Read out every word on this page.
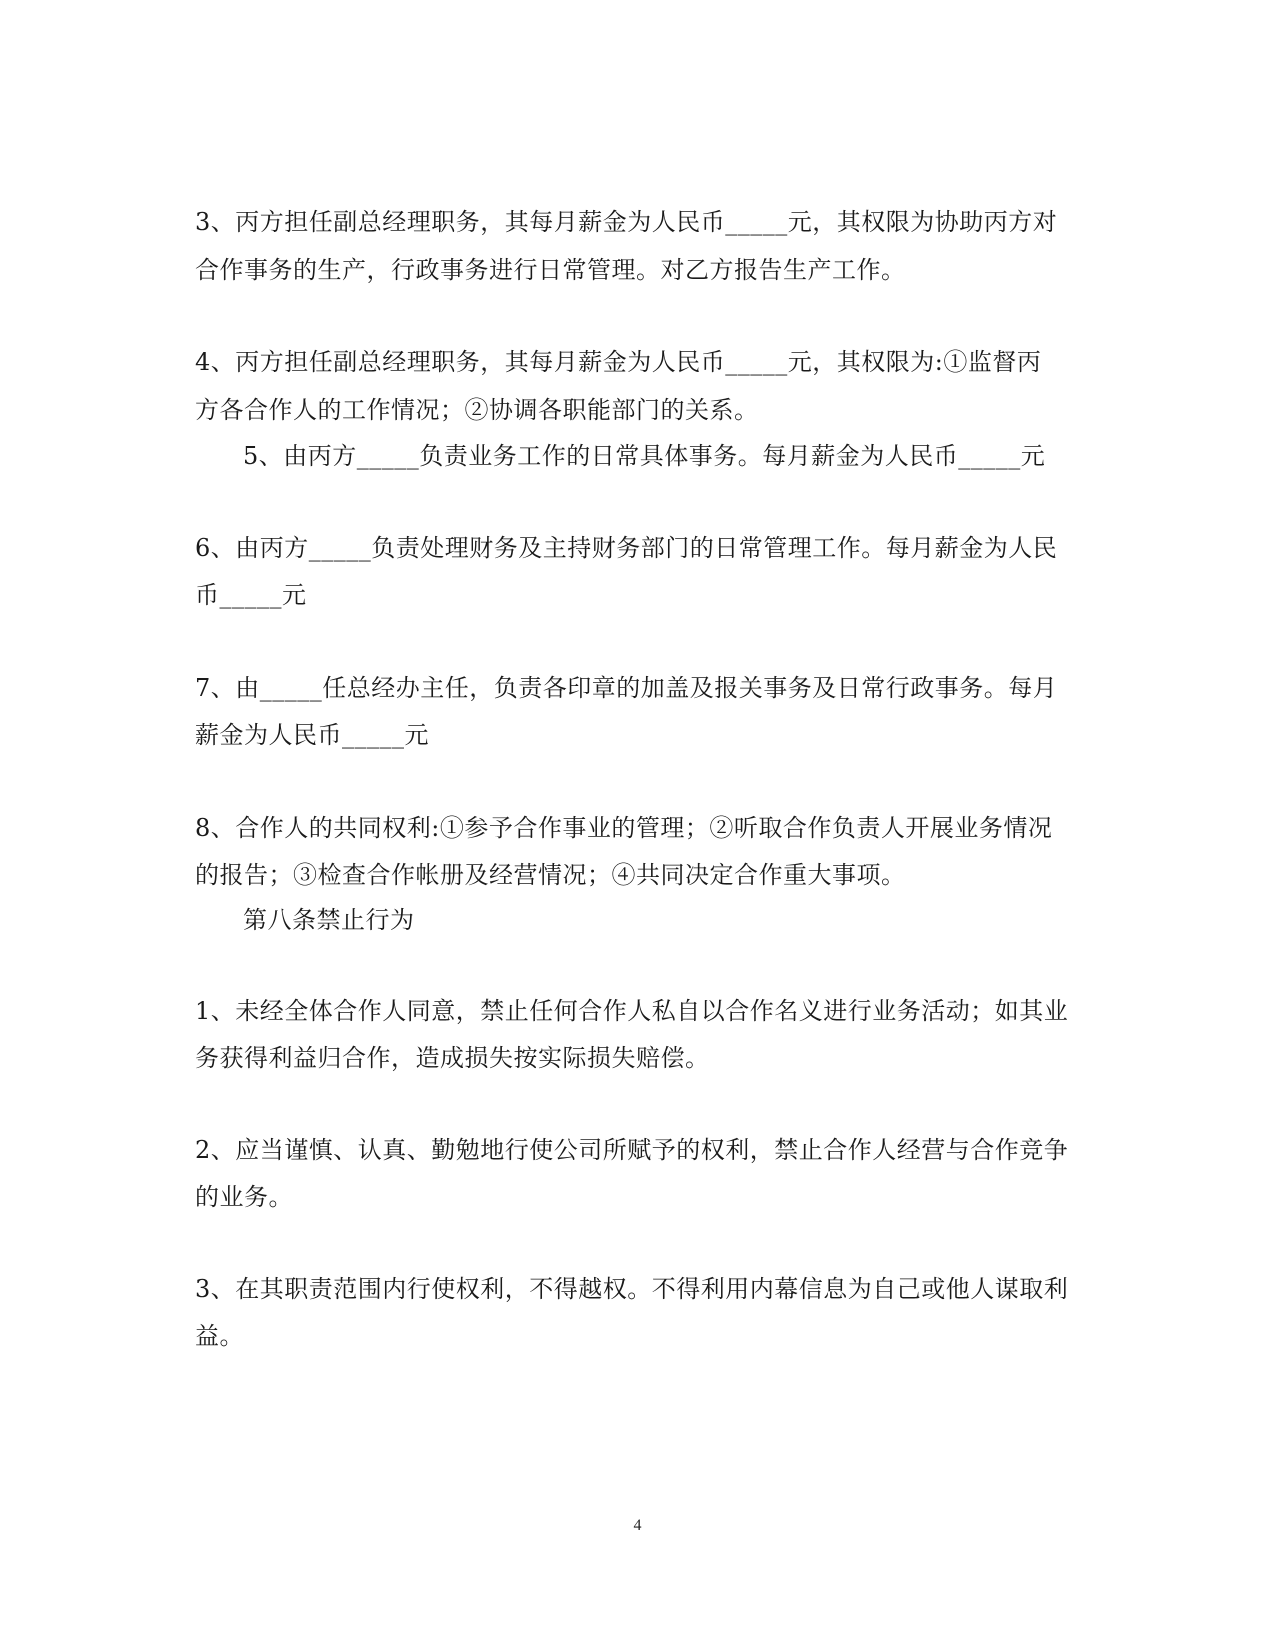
3、丙方担任副总经理职务，其每月薪金为人民币_____元，其权限为协助丙方对
合作事务的生产，行政事务进行日常管理。对乙方报告生产工作。
4、丙方担任副总经理职务，其每月薪金为人民币_____元，其权限为:①监督丙
方各合作人的工作情况；②协调各职能部门的关系。
5、由丙方_____负责业务工作的日常具体事务。每月薪金为人民币_____元
6、由丙方_____负责处理财务及主持财务部门的日常管理工作。每月薪金为人民
币_____元
7、由_____任总经办主任，负责各印章的加盖及报关事务及日常行政事务。每月
薪金为人民币_____元
8、合作人的共同权利:①参予合作事业的管理；②听取合作负责人开展业务情况
的报告；③检查合作帐册及经营情况；④共同决定合作重大事项。
第八条禁止行为
1、未经全体合作人同意，禁止任何合作人私自以合作名义进行业务活动；如其业
务获得利益归合作，造成损失按实际损失赔偿。
2、应当谨慎、认真、勤勉地行使公司所赋予的权利，禁止合作人经营与合作竞争
的业务。
3、在其职责范围内行使权利，不得越权。不得利用内幕信息为自己或他人谋取利
益。
4
